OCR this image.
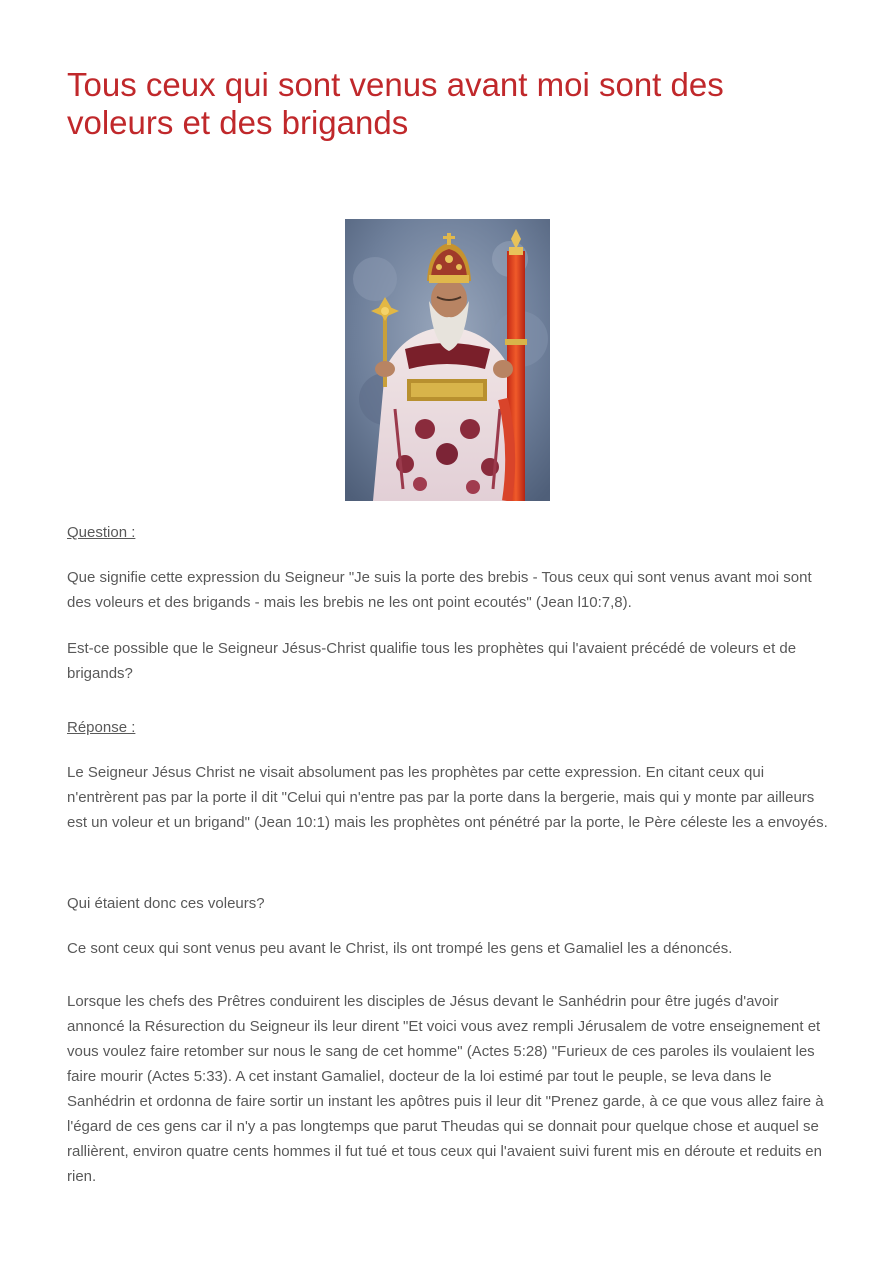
Tous ceux qui sont venus avant moi sont des voleurs et des brigands

Question :

Que signifie cette expression du Seigneur "Je suis la porte des brebis - Tous ceux qui sont venus avant moi sont des voleurs et des brigands - mais les brebis ne les ont point ecoutés" (Jean l10:7,8).

Est-ce possible que le Seigneur Jésus-Christ qualifie tous les prophètes qui l'avaient précédé de voleurs et de brigands?

Réponse :

Le Seigneur Jésus Christ ne visait absolument pas les prophètes par cette expression. En citant ceux qui n'entrèrent pas par la porte il dit "Celui qui n'entre pas par la porte dans la bergerie, mais qui y monte par ailleurs est un voleur et un brigand" (Jean 10:1) mais les prophètes ont pénétré par la porte, le Père céleste les a envoyés.

Qui étaient donc ces voleurs?

Ce sont ceux qui sont venus peu avant le Christ, ils ont trompé les gens et Gamaliel les a dénoncés.

Lorsque les chefs des Prêtres conduirent les disciples de Jésus devant le Sanhédrin pour être jugés d'avoir annoncé la Résurection du Seigneur ils leur dirent "Et voici vous avez rempli Jérusalem de votre enseignement et vous voulez faire retomber sur nous le sang de cet homme" (Actes 5:28) "Furieux de ces paroles ils voulaient les faire mourir (Actes 5:33). A cet instant Gamaliel, docteur de la loi estimé par tout le peuple, se leva dans le Sanhédrin et ordonna de faire sortir un instant les apôtres puis il leur dit "Prenez garde, à ce que vous allez faire à l'égard de ces gens car il n'y a pas longtemps que parut Theudas qui se donnait pour quelque chose et auquel se rallièrent, environ quatre cents hommes il fut tué et tous ceux qui l'avaient suivi furent mis en déroute et reduits en rien.
